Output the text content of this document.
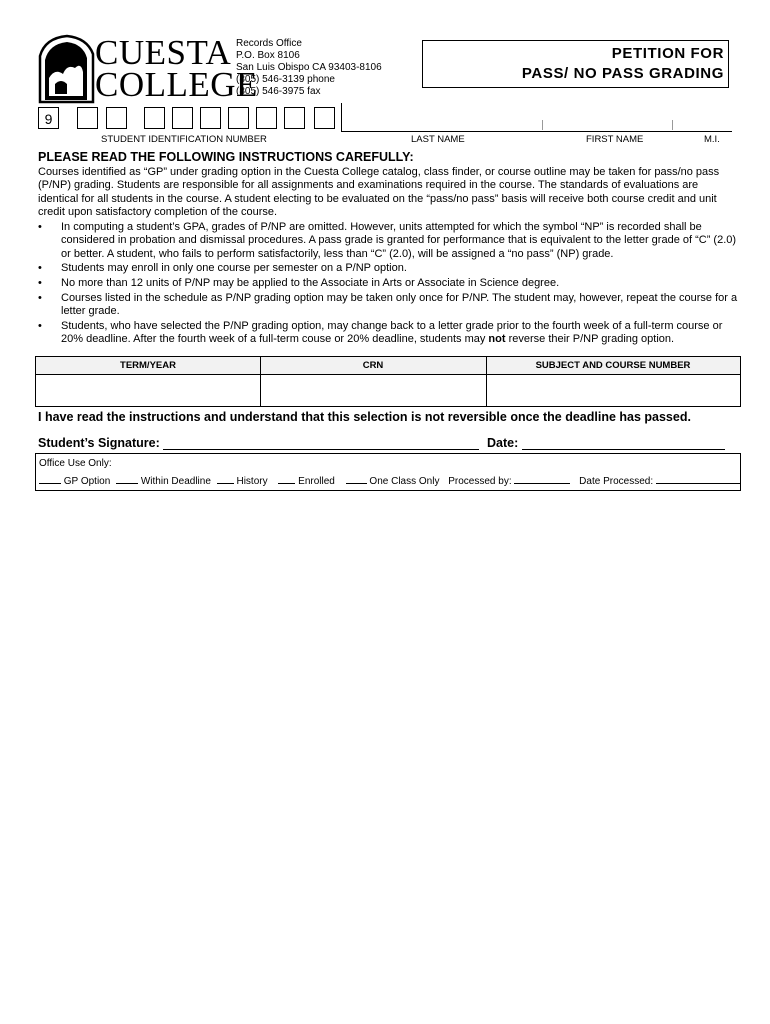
CUESTA
COLLEGE
Records Office
P.O. Box 8106
San Luis Obispo CA 93403-8106
(805) 546-3139 phone
(805) 546-3975 fax
PETITION FOR
PASS/ NO PASS GRADING
9
STUDENT IDENTIFICATION NUMBER	LAST NAME	FIRST NAME	M.I.
PLEASE READ THE FOLLOWING INSTRUCTIONS CAREFULLY:
Courses identified as “GP” under grading option in the Cuesta College catalog, class finder, or course outline may be taken for pass/no pass (P/NP) grading. Students are responsible for all assignments and examinations required in the course. The standards of evaluations are identical for all students in the course. A student electing to be evaluated on the “pass/no pass” basis will receive both course credit and unit credit upon satisfactory completion of the course.
• In computing a student’s GPA, grades of P/NP are omitted. However, units attempted for which the symbol “NP” is recorded shall be considered in probation and dismissal procedures. A pass grade is granted for performance that is equivalent to the letter grade of “C” (2.0) or better. A student, who fails to perform satisfactorily, less than “C” (2.0), will be assigned a “no pass” (NP) grade.
• Students may enroll in only one course per semester on a P/NP option.
• No more than 12 units of P/NP may be applied to the Associate in Arts or Associate in Science degree.
• Courses listed in the schedule as P/NP grading option may be taken only once for P/NP. The student may, however, repeat the course for a letter grade.
• Students, who have selected the P/NP grading option, may change back to a letter grade prior to the fourth week of a full-term course or 20% deadline. After the fourth week of a full-term couse or 20% deadline, students may not reverse their P/NP grading option.
TERM/YEAR	CRN	SUBJECT AND COURSE NUMBER
I have read the instructions and understand that this selection is not reversible once the deadline has passed.
Student’s Signature:	Date:
Office Use Only:
GP Option	Within Deadline	History	Enrolled	One Class Only Processed by:	Date Processed:
